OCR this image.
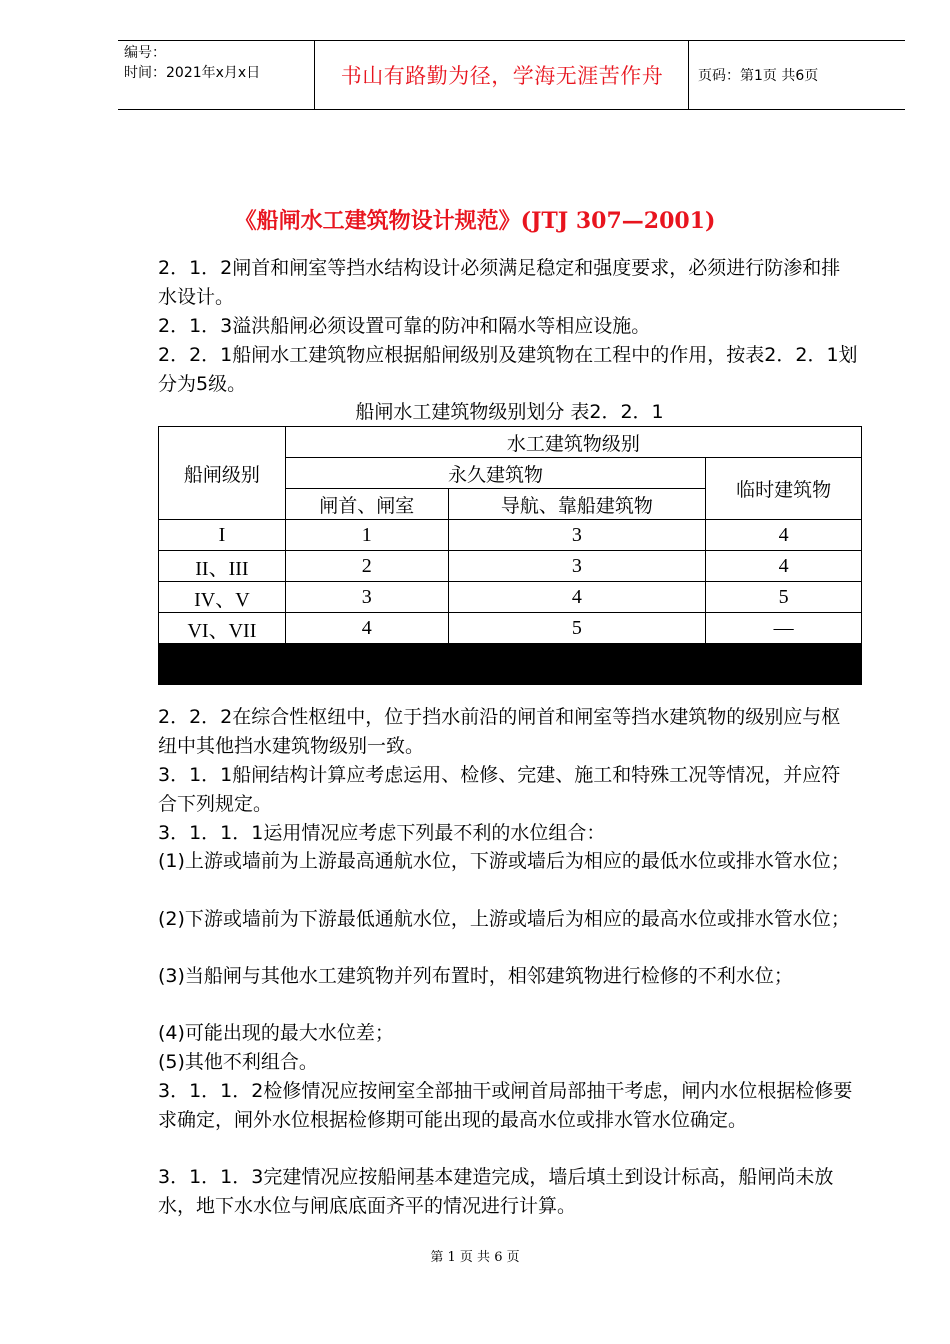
编号：
时间：2021年x月x日	书山有路勤为径，学海无涯苦作舟	页码：第1页 共6页
《船闸水工建筑物设计规范》(JTJ 307—2001)
2．1．2闸首和闸室等挡水结构设计必须满足稳定和强度要求，必须进行防渗和排水设计。
2．1．3溢洪船闸必须设置可靠的防冲和隔水等相应设施。
2．2．1船闸水工建筑物应根据船闸级别及建筑物在工程中的作用，按表2．2．1划分为5级。
船闸水工建筑物级别划分 表2．2．1
船闸级别	水工建筑物级别		
	永久建筑物		临时建筑物
	闸首、闸室	导航、靠船建筑物	
I	1	3	4
II、III	2	3	4
IV、V	3	4	5
VI、VII	4	5	—

2．2．2在综合性枢纽中，位于挡水前沿的闸首和闸室等挡水建筑物的级别应与枢纽中其他挡水建筑物级别一致。
3．1．1船闸结构计算应考虑运用、检修、完建、施工和特殊工况等情况，并应符合下列规定。
3．1．1．1运用情况应考虑下列最不利的水位组合：
(1)上游或墙前为上游最高通航水位，下游或墙后为相应的最低水位或排水管水位；
(2)下游或墙前为下游最低通航水位，上游或墙后为相应的最高水位或排水管水位；
(3)当船闸与其他水工建筑物并列布置时，相邻建筑物进行检修的不利水位；
(4)可能出现的最大水位差；
(5)其他不利组合。
3．1．1．2检修情况应按闸室全部抽干或闸首局部抽干考虑，闸内水位根据检修要求确定，闸外水位根据检修期可能出现的最高水位或排水管水位确定。
3．1．1．3完建情况应按船闸基本建造完成，墙后填土到设计标高，船闸尚未放水，地下水水位与闸底底面齐平的情况进行计算。
第 1 页 共 6 页
